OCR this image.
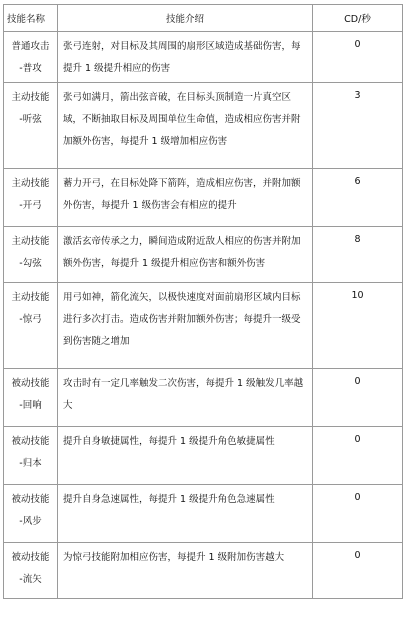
技能名称	技能介绍	CD/秒
普通攻击
-普攻	张弓连射，对目标及其周围的扇形区域造成基础伤害，每提升 1 级提升相应的伤害	0
主动技能
-听弦	张弓如满月，箭出弦音破，在目标头顶制造一片真空区域，不断抽取目标及周围单位生命值，造成相应伤害并附加额外伤害，每提升 1 级增加相应伤害	3
主动技能
-开弓	蓄力开弓，在目标处降下箭阵，造成相应伤害，并附加额外伤害，每提升 1 级伤害会有相应的提升	6
主动技能
-勾弦	激活玄帝传承之力，瞬间造成附近敌人相应的伤害并附加额外伤害，每提升 1 级提升相应伤害和额外伤害	8
主动技能
-惊弓	用弓如神，箭化流矢，以极快速度对面前扇形区域内目标进行多次打击。造成伤害并附加额外伤害；每提升一级受到伤害随之增加	10
被动技能
-回响	攻击时有一定几率触发二次伤害，每提升 1 级触发几率越大	0
被动技能
-归本	提升自身敏捷属性，每提升 1 级提升角色敏捷属性	0
被动技能
-风步	提升自身急速属性，每提升 1 级提升角色急速属性	0
被动技能
-流矢	为惊弓技能附加相应伤害，每提升 1 级附加伤害越大	0
